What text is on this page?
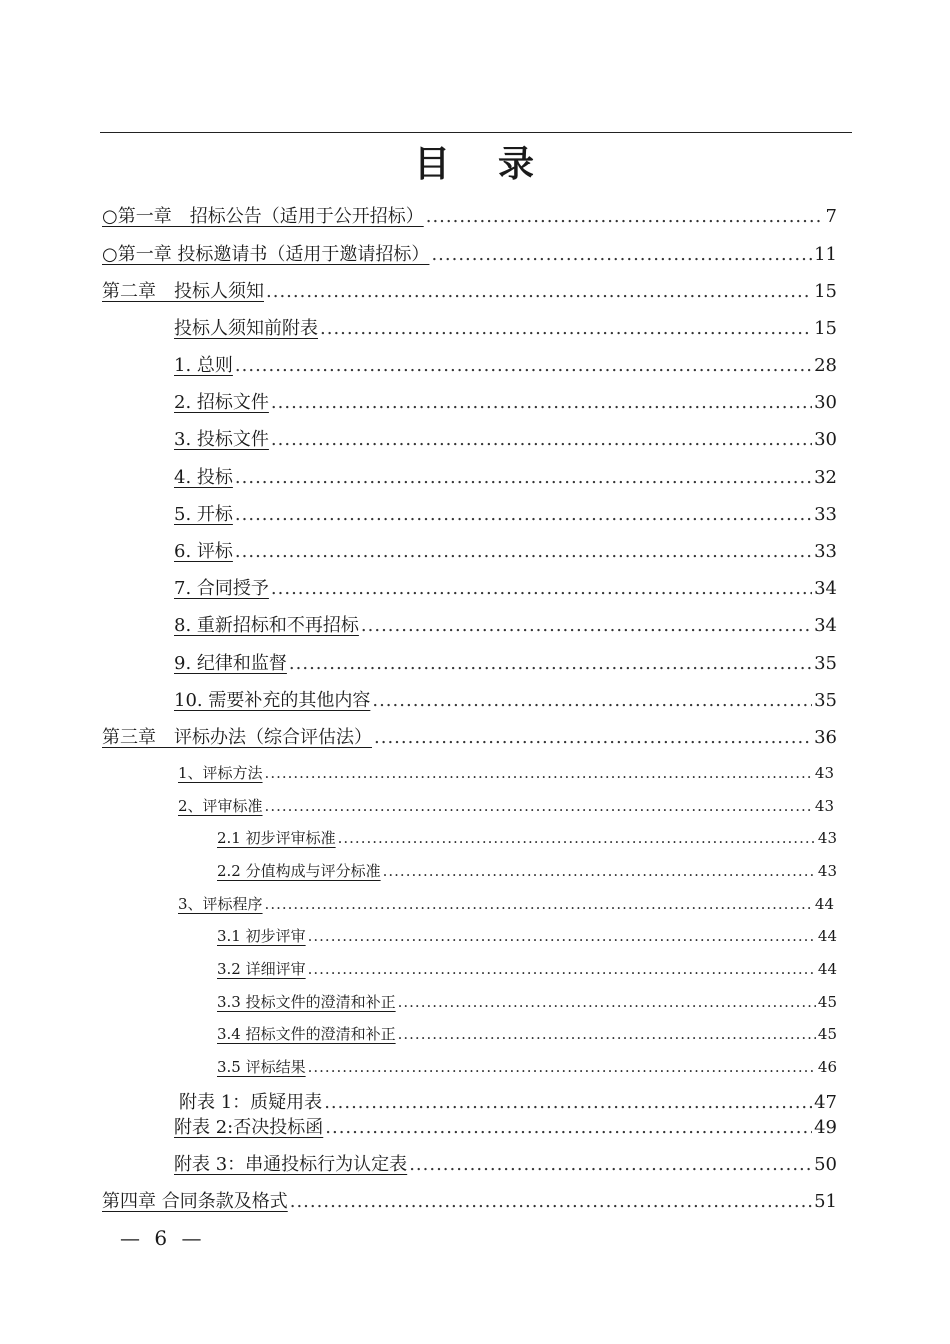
目 录
○第一章　招标公告（适用于公开招标） .....	7
○第一章 投标邀请书（适用于邀请招标） .....	11
第二章　投标人须知 .....	15
投标人须知前附表 .....	15
1. 总则 .....	28
2. 招标文件 .....	30
3. 投标文件 .....	30
4. 投标 .....	32
5. 开标 .....	33
6. 评标 .....	33
7. 合同授予 .....	34
8. 重新招标和不再招标 .....	34
9. 纪律和监督 .....	35
10. 需要补充的其他内容 .....	35
第三章　评标办法（综合评估法） .....	36
1、评标方法 .....	43
2、评审标准 .....	43
2.1 初步评审标准 .....	43
2.2 分值构成与评分标准 .....	43
3、评标程序 .....	44
3.1 初步评审 .....	44
3.2 详细评审 .....	44
3.3 投标文件的澄清和补正 .....	45
3.4 招标文件的澄清和补正 .....	45
3.5 评标结果 .....	46
附表 1：质疑用表 .....	47
附表 2:否决投标函 .....	49
附表 3：串通投标行为认定表 .....	50
第四章 合同条款及格式 .....	51
— 6 —
